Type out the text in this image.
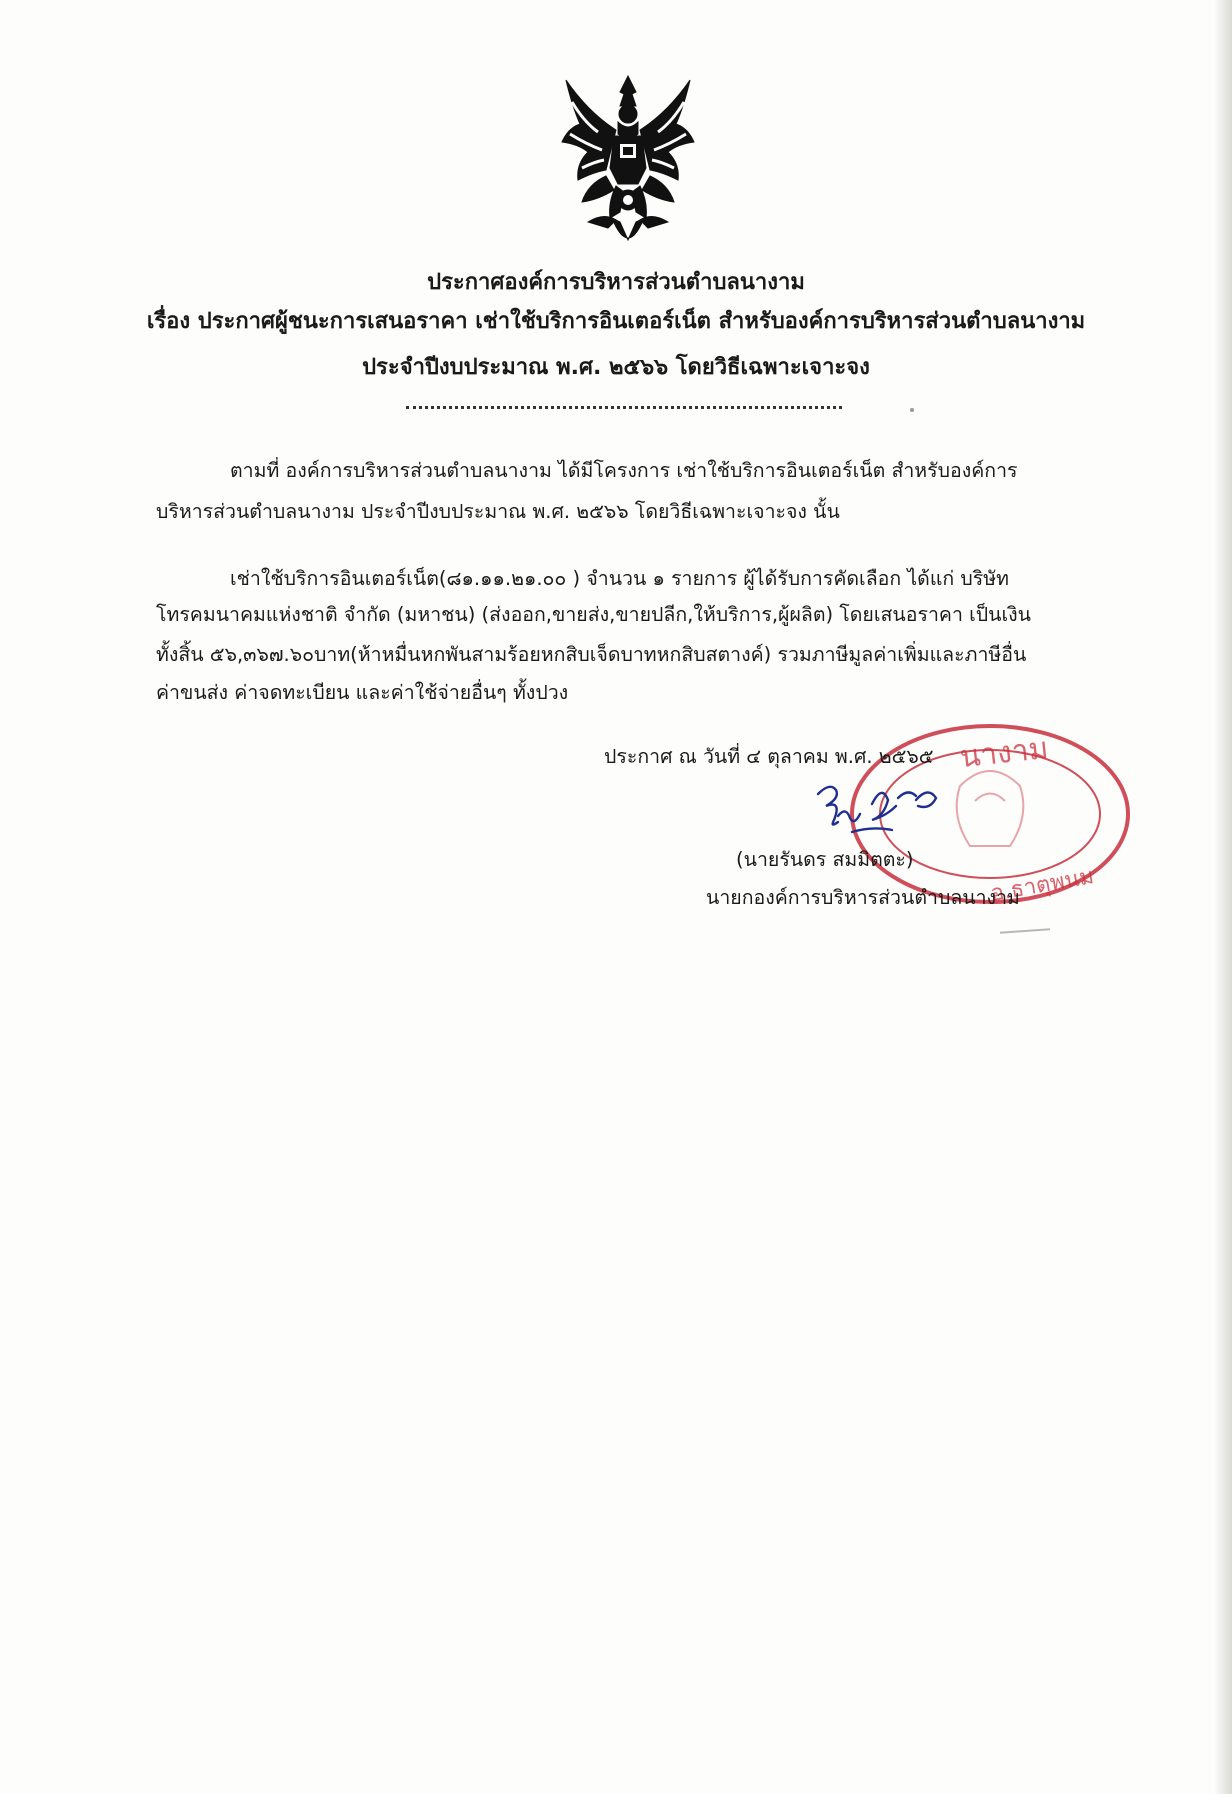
ประกาศองค์การบริหารส่วนตำบลนางาม
เรื่อง ประกาศผู้ชนะการเสนอราคา เช่าใช้บริการอินเตอร์เน็ต สำหรับองค์การบริหารส่วนตำบลนางาม
ประจำปีงบประมาณ พ.ศ. ๒๕๖๖ โดยวิธีเฉพาะเจาะจง
ตามที่ องค์การบริหารส่วนตำบลนางาม ได้มีโครงการ เช่าใช้บริการอินเตอร์เน็ต สำหรับองค์การ
บริหารส่วนตำบลนางาม ประจำปีงบประมาณ พ.ศ. ๒๕๖๖ โดยวิธีเฉพาะเจาะจง นั้น
เช่าใช้บริการอินเตอร์เน็ต(๘๑.๑๑.๒๑.๐๐ ) จำนวน ๑ รายการ ผู้ได้รับการคัดเลือก ได้แก่ บริษัท
โทรคมนาคมแห่งชาติ จำกัด (มหาชน) (ส่งออก,ขายส่ง,ขายปลีก,ให้บริการ,ผู้ผลิต) โดยเสนอราคา เป็นเงิน
ทั้งสิ้น ๕๖,๓๖๗.๖๐บาท(ห้าหมื่นหกพันสามร้อยหกสิบเจ็ดบาทหกสิบสตางค์) รวมภาษีมูลค่าเพิ่มและภาษีอื่น
ค่าขนส่ง ค่าจดทะเบียน และค่าใช้จ่ายอื่นๆ ทั้งปวง
นางาม
อ.ธาตุพนม
ประกาศ ณ วันที่ ๔ ตุลาคม พ.ศ. ๒๕๖๕
(นายรันดร สมมิตตะ)
นายกองค์การบริหารส่วนตำบลนางาม
